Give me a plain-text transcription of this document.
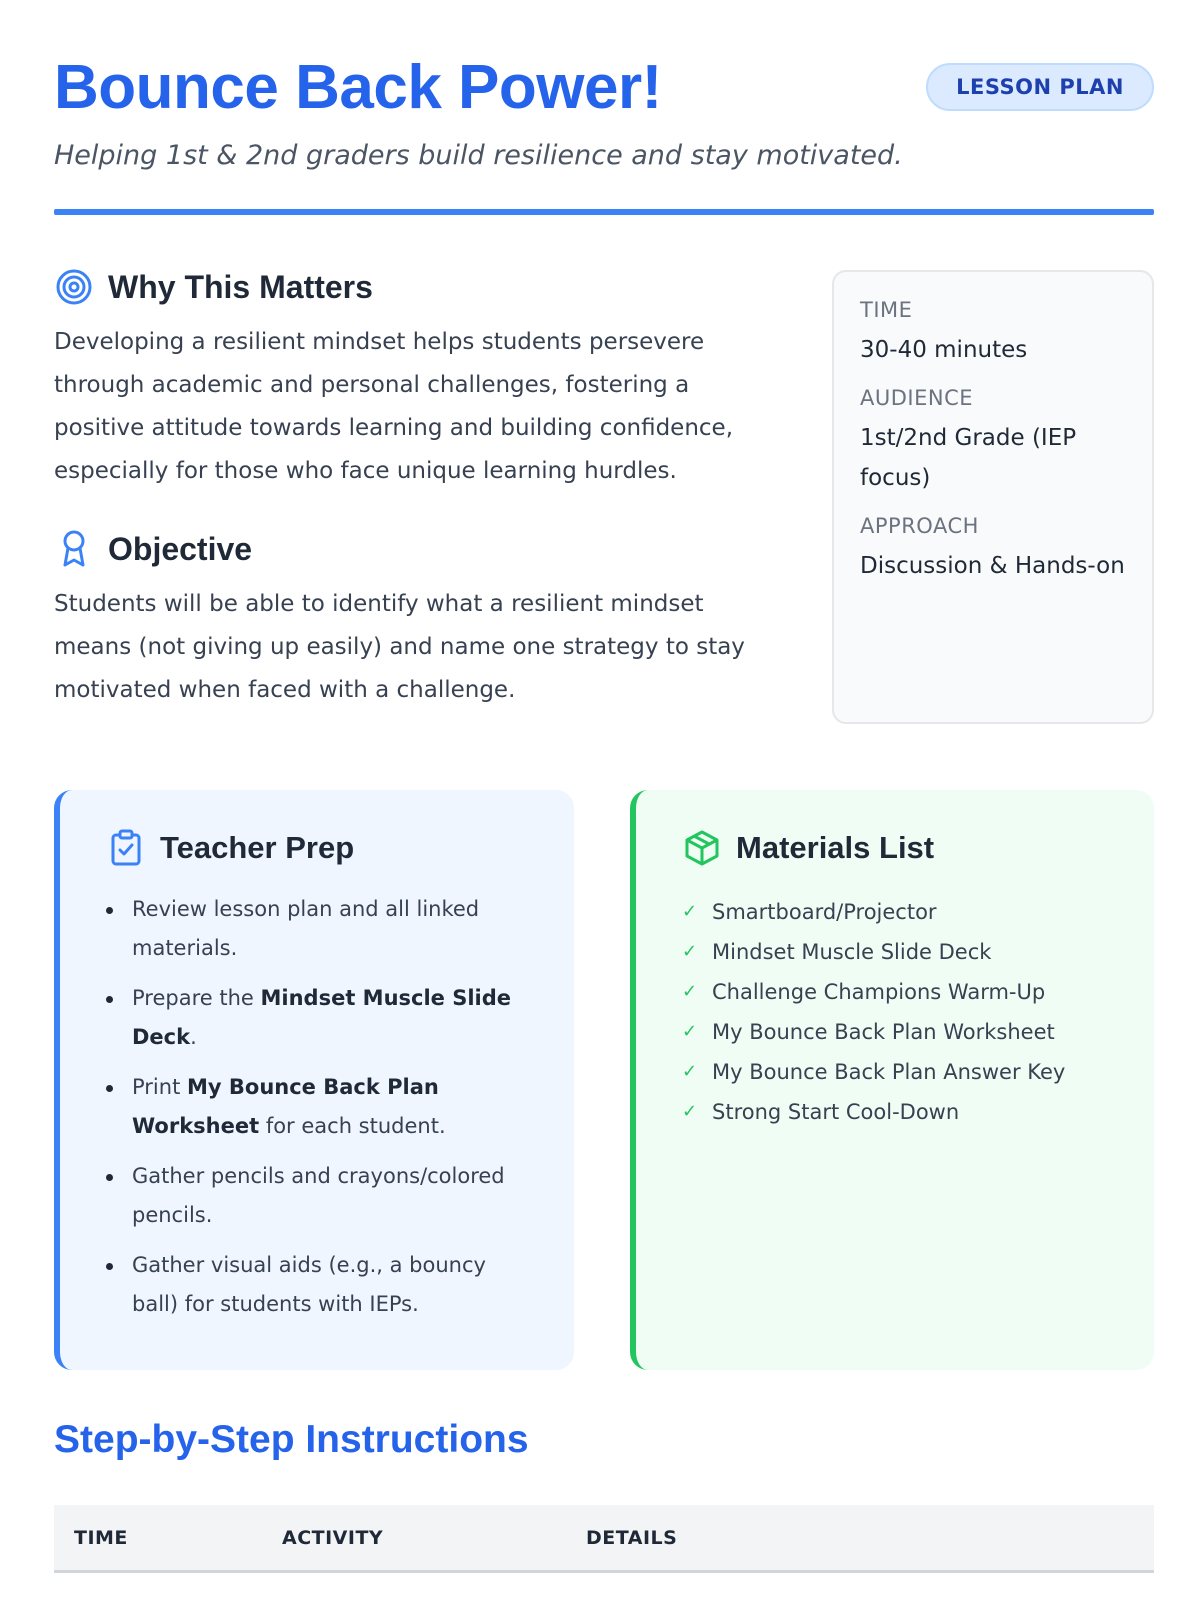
Bounce Back Power!	LESSON PLAN

Helping 1st & 2nd graders build resilience and stay motivated.

Why This Matters

Developing a resilient mindset helps students persevere through academic and personal challenges, fostering a positive attitude towards learning and building confidence, especially for those who face unique learning hurdles.

Objective

Students will be able to identify what a resilient mindset means (not giving up easily) and name one strategy to stay motivated when faced with a challenge.

TIME
30-40 minutes
AUDIENCE
1st/2nd Grade (IEP focus)
APPROACH
Discussion & Hands-on
Teacher Prep
Review lesson plan and all linked materials.
Prepare the Mindset Muscle Slide Deck.
Print My Bounce Back Plan Worksheet for each student.
Gather pencils and crayons/colored pencils.
Gather visual aids (e.g., a bouncy ball) for students with IEPs.
Materials List
✓ Smartboard/Projector
✓ Mindset Muscle Slide Deck
✓ Challenge Champions Warm-Up
✓ My Bounce Back Plan Worksheet
✓ My Bounce Back Plan Answer Key
✓ Strong Start Cool-Down
Step-by-Step Instructions
TIME	ACTIVITY	DETAILS
